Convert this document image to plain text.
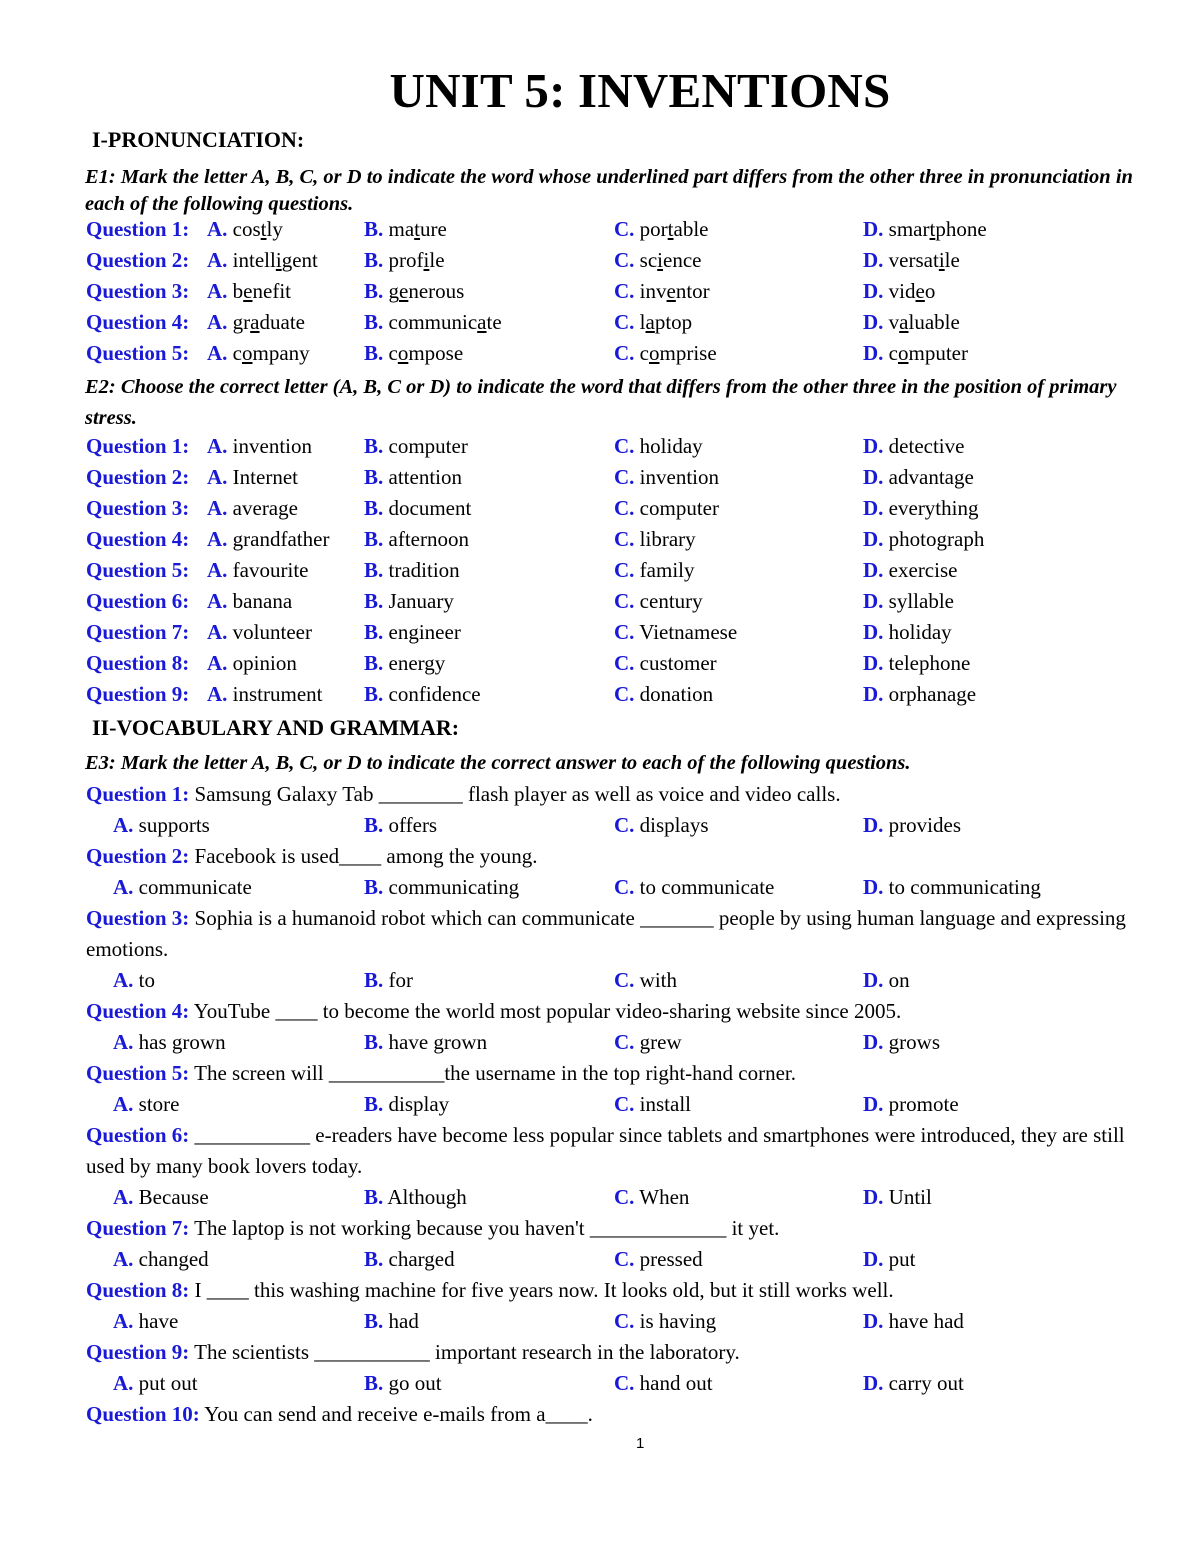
UNIT 5: INVENTIONS
I-PRONUNCIATION:
E1: Mark the letter A, B, C, or D to indicate the word whose underlined part differs from the other three in pronunciation in each of the following questions.
Question 1: A. costly	B. mature	C. portable	D. smartphone
Question 2: A. intelligent B. profile	C. science	D. versatile
Question 3: A. benefit	B. generous	C. inventor	D. video
Question 4: A. graduate	B. communicate	C. laptop	D. valuable
Question 5: A. company	B. compose	C. comprise	D. computer
E2: Choose the correct letter (A, B, C or D) to indicate the word that differs from the other three in the position of primary stress.
Question 1: A. invention B. computer	C. holiday	D. detective
Question 2: A. Internet	B. attention	C. invention	D. advantage
Question 3: A. average	B. document	C. computer	D. everything
Question 4: A. grandfather B. afternoon	C. library	D. photograph
Question 5: A. favourite	B. tradition	C. family	D. exercise
Question 6: A. banana	B. January	C. century	D. syllable
Question 7: A. volunteer B. engineer	C. Vietnamese	D. holiday
Question 8: A. opinion	B. energy	C. customer	D. telephone
Question 9: A. instrument B. confidence	C. donation	D. orphanage
II-VOCABULARY AND GRAMMAR:
E3: Mark the letter A, B, C, or D to indicate the correct answer to each of the following questions.
Question 1: Samsung Galaxy Tab ________ flash player as well as voice and video calls.
A. supports	B. offers	C. displays	D. provides
Question 2: Facebook is used____ among the young.
A. communicate	B. communicating	C. to communicate	D. to communicating
Question 3: Sophia is a humanoid robot which can communicate _______ people by using human language and expressing emotions.
A. to	B. for	C. with	D. on
Question 4: YouTube ____ to become the world most popular video-sharing website since 2005.
A. has grown	B. have grown	C. grew	D. grows
Question 5: The screen will ___________the username in the top right-hand corner.
A. store	B. display	C. install	D. promote
Question 6: ___________ e-readers have become less popular since tablets and smartphones were introduced, they are still used by many book lovers today.
A. Because	B. Although	C. When	D. Until
Question 7: The laptop is not working because you haven't _____________ it yet.
A. changed	B. charged	C. pressed	D. put
Question 8: I ____ this washing machine for five years now. It looks old, but it still works well.
A. have	B. had	C. is having	D. have had
Question 9: The scientists ___________ important research in the laboratory.
A. put out	B. go out	C. hand out	D. carry out
Question 10: You can send and receive e-mails from a____.
1
